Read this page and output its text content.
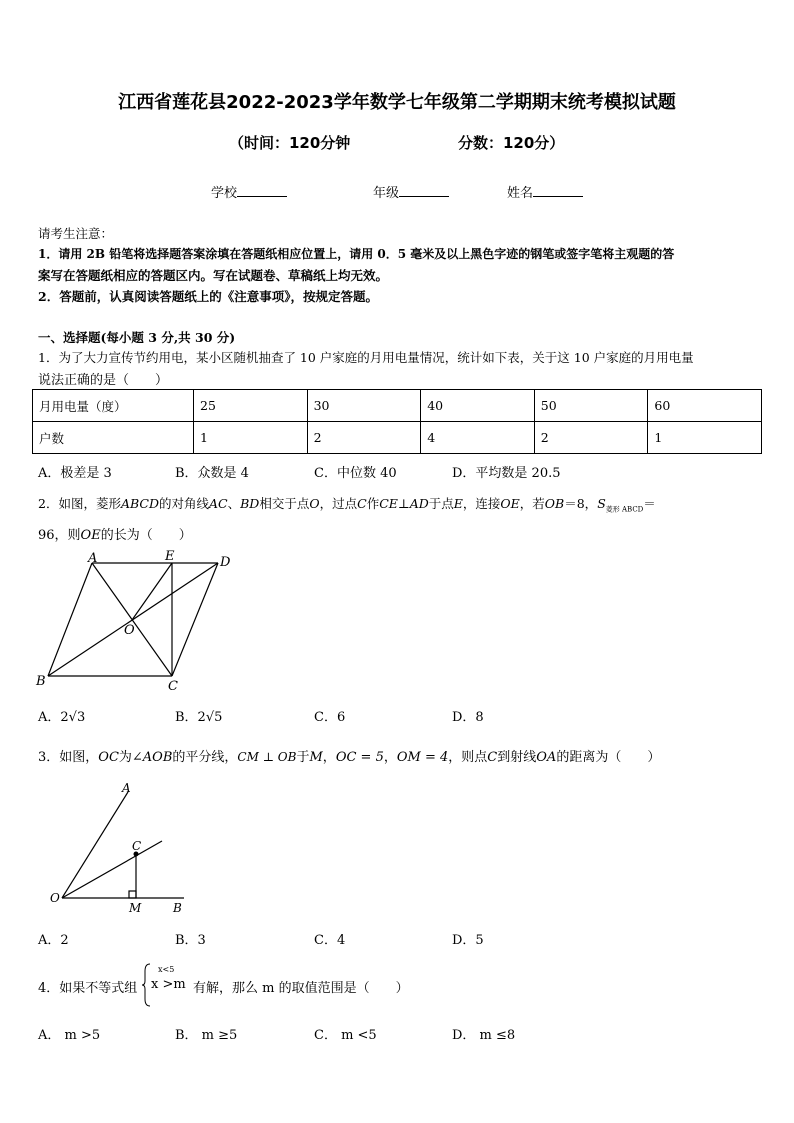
江西省莲花县2022-2023学年数学七年级第二学期期末统考模拟试题
（时间：120分钟	分数：120分）
学校	年级	姓名
请考生注意：
1．请用 2B 铅笔将选择题答案涂填在答题纸相应位置上，请用 0．5 毫米及以上黑色字迹的钢笔或签字笔将主观题的答
案写在答题纸相应的答题区内。写在试题卷、草稿纸上均无效。
2．答题前，认真阅读答题纸上的《注意事项》，按规定答题。
一、选择题(每小题 3 分,共 30 分)
1．为了大力宣传节约用电，某小区随机抽查了 10 户家庭的月用电量情况，统计如下表，关于这 10 户家庭的月用电量
说法正确的是（　　）
月用电量（度）	25	30	40	50	60
户数	1	2	4	2	1
A．极差是 3	B．众数是 4	C．中位数 40	D．平均数是 20.5
2．如图，菱形ABCD的对角线AC、BD相交于点O，过点C作CE⊥AD于点E，连接OE，若OB＝8，$S_{菱形 ABCD}=$
96，则OE的长为（　　）
A	E	D
O
B	C
A．2√3	B．2√5	C．6	D．8
3．如图，OC为∠AOB的平分线，CM ⊥ OB于M，OC = 5，OM = 4，则点C到射线OA的距离为（　　）
A
C
O
M	B
A．2	B．3	C．4	D．5
4．如果不等式组
x<5
x >m 有解，那么 m 的取值范围是（　　）
A． m >5	B． m ≥5	C． m <5	D． m ≤8
